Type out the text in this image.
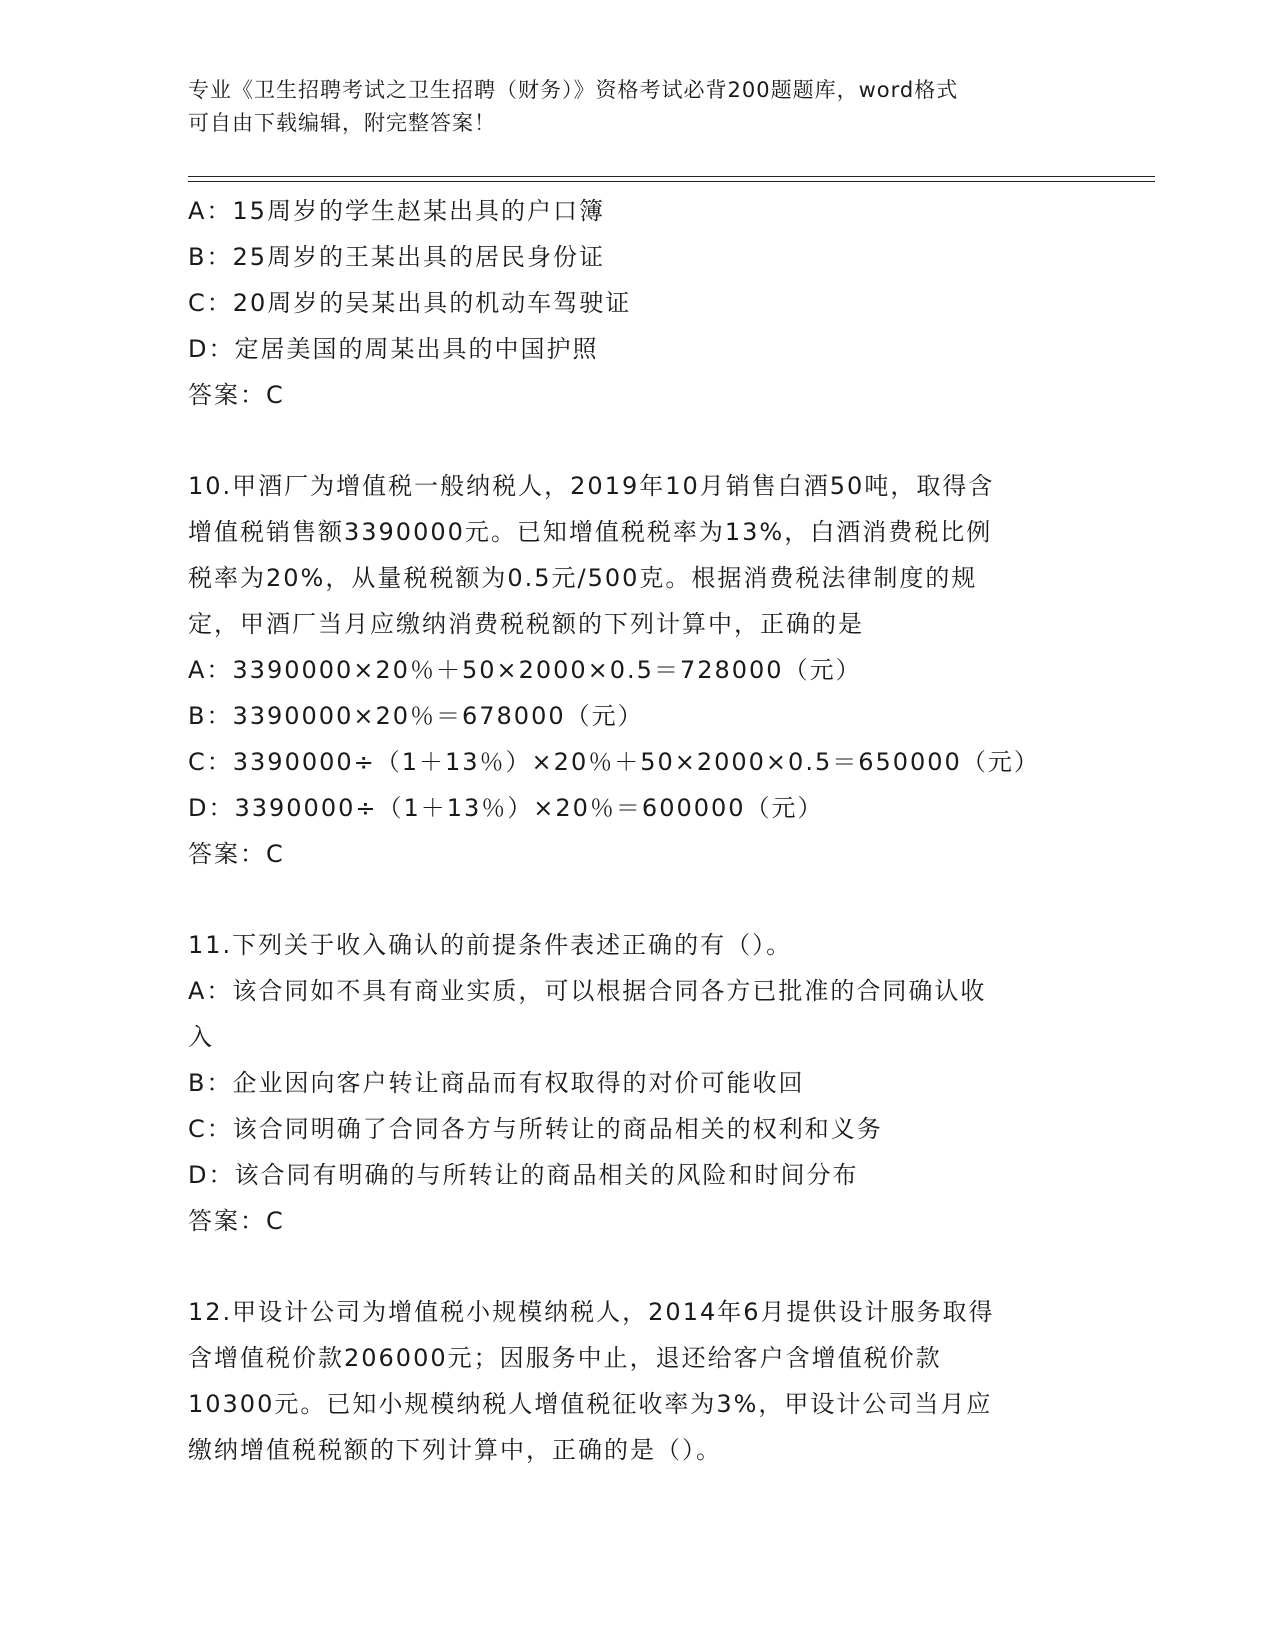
专业《卫生招聘考试之卫生招聘（财务）》资格考试必背200题题库，word格式

可自由下载编辑，附完整答案！

A：15周岁的学生赵某出具的户口簿

B：25周岁的王某出具的居民身份证

C：20周岁的吴某出具的机动车驾驶证

D：定居美国的周某出具的中国护照

答案：C

10.甲酒厂为增值税一般纳税人，2019年10月销售白酒50吨，取得含

增值税销售额3390000元。已知增值税税率为13%，白酒消费税比例

税率为20%，从量税税额为0.5元/500克。根据消费税法律制度的规

定，甲酒厂当月应缴纳消费税税额的下列计算中，正确的是

A：3390000×20％＋50×2000×0.5＝728000（元）

B：3390000×20％＝678000（元）

C：3390000÷（1＋13％）×20％＋50×2000×0.5＝650000（元）

D：3390000÷（1＋13％）×20％＝600000（元）

答案：C

11.下列关于收入确认的前提条件表述正确的有（）。

A：该合同如不具有商业实质，可以根据合同各方已批准的合同确认收

入

B：企业因向客户转让商品而有权取得的对价可能收回

C：该合同明确了合同各方与所转让的商品相关的权利和义务

D：该合同有明确的与所转让的商品相关的风险和时间分布

答案：C

12.甲设计公司为增值税小规模纳税人，2014年6月提供设计服务取得

含增值税价款206000元；因服务中止，退还给客户含增值税价款

10300元。已知小规模纳税人增值税征收率为3%，甲设计公司当月应

缴纳增值税税额的下列计算中，正确的是（）。
